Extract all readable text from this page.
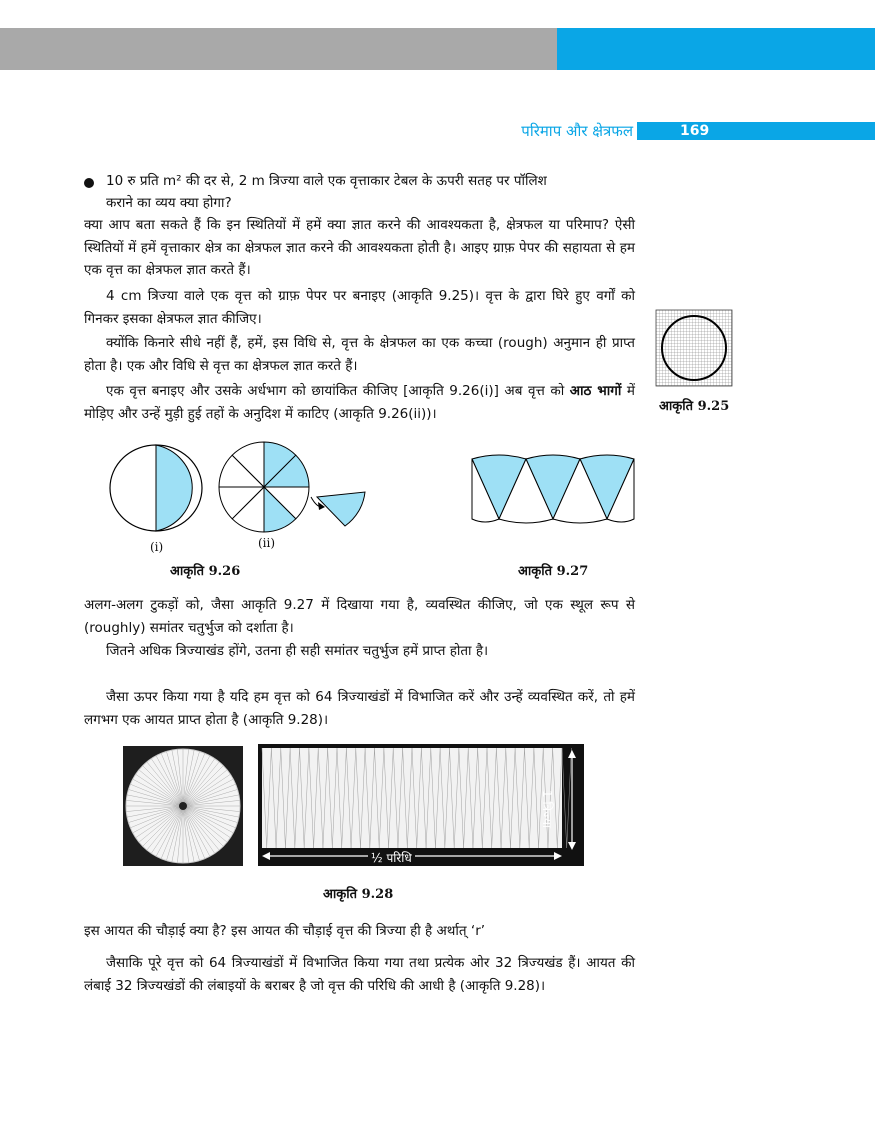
परिमाप और क्षेत्रफल	169
10 रु प्रति m² की दर से, 2 m त्रिज्या वाले एक वृत्ताकार टेबल के ऊपरी सतह पर पॉलिश
कराने का व्यय क्या होगा?
क्या आप बता सकते हैं कि इन स्थितियों में हमें क्या ज्ञात करने की आवश्यकता है, क्षेत्रफल या परिमाप? ऐसी स्थितियों में हमें वृत्ताकार क्षेत्र का क्षेत्रफल ज्ञात करने की आवश्यकता होती है। आइए ग्राफ़ पेपर की सहायता से हम एक वृत्त का क्षेत्रफल ज्ञात करते हैं।
4 cm त्रिज्या वाले एक वृत्त को ग्राफ़ पेपर पर बनाइए (आकृति 9.25)। वृत्त के द्वारा घिरे हुए वर्गों को गिनकर इसका क्षेत्रफल ज्ञात कीजिए।
क्योंकि किनारे सीधे नहीं हैं, हमें, इस विधि से, वृत्त के क्षेत्रफल का एक कच्चा (rough) अनुमान ही प्राप्त होता है। एक और विधि से वृत्त का क्षेत्रफल ज्ञात करते हैं।
एक वृत्त बनाइए और उसके अर्धभाग को छायांकित कीजिए [आकृति 9.26(i)] अब वृत्त को आठ भागों में मोड़िए और उन्हें मुड़ी हुई तहों के अनुदिश में काटिए (आकृति 9.26(ii))।	आकृति 9.25
(i)	(ii)
आकृति 9.26	आकृति 9.27
अलग-अलग टुकड़ों को, जैसा आकृति 9.27 में दिखाया गया है, व्यवस्थित कीजिए, जो एक स्थूल रूप से (roughly) समांतर चतुर्भुज को दर्शाता है।
जितने अधिक त्रिज्याखंड होंगे, उतना ही सही समांतर चतुर्भुज हमें प्राप्त होता है।
जैसा ऊपर किया गया है यदि हम वृत्त को 64 त्रिज्याखंडों में विभाजित करें और उन्हें व्यवस्थित करें, तो हमें लगभग एक आयत प्राप्त होता है (आकृति 9.28)।
1 त्रिज्या
½ परिधि
आकृति 9.28
इस आयत की चौड़ाई क्या है? इस आयत की चौड़ाई वृत्त की त्रिज्या ही है अर्थात् ‘r’
जैसाकि पूरे वृत्त को 64 त्रिज्याखंडों में विभाजित किया गया तथा प्रत्येक ओर 32 त्रिज्यखंड हैं। आयत की लंबाई 32 त्रिज्यखंडों की लंबाइयों के बराबर है जो वृत्त की परिधि की आधी है (आकृति 9.28)।
